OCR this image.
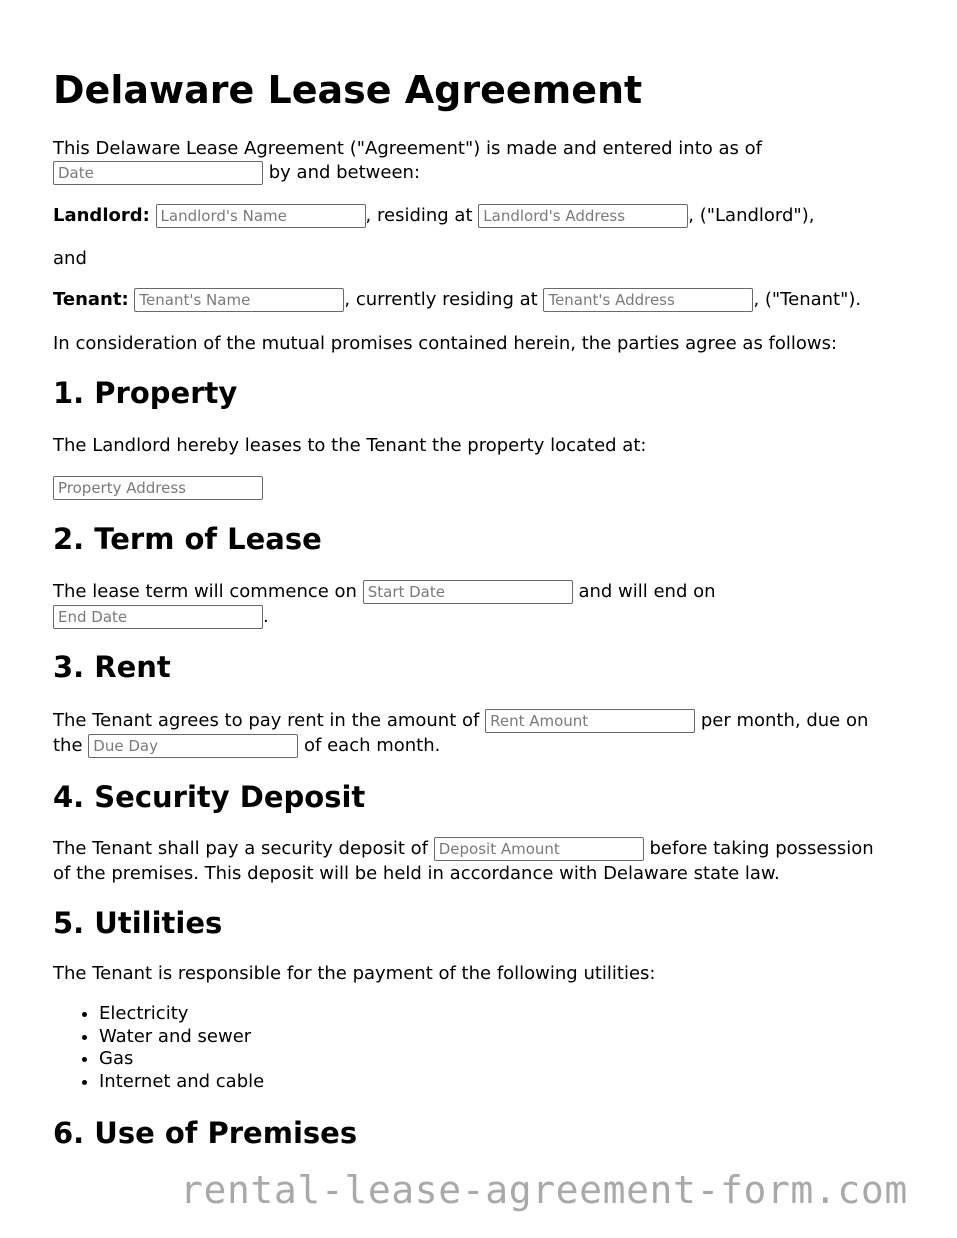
Delaware Lease Agreement

This Delaware Lease Agreement ("Agreement") is made and entered into as of
Date by and between:

Landlord: Landlord's Name	, residing at Landlord's Address	, ("Landlord"),

and

Tenant: Tenant's Name	, currently residing at Tenant's Address	, ("Tenant").

In consideration of the mutual promises contained herein, the parties agree as follows:

1. Property

The Landlord hereby leases to the Tenant the property located at:

Property Address

2. Term of Lease

The lease term will commence on Start Date	and will end on
End Date.

3. Rent

The Tenant agrees to pay rent in the amount of Rent Amount	per month, due on
the Due Day	of each month.

4. Security Deposit

The Tenant shall pay a security deposit of Deposit Amount	before taking possession
of the premises. This deposit will be held in accordance with Delaware state law.

5. Utilities

The Tenant is responsible for the payment of the following utilities:

• Electricity
• Water and sewer
• Gas
• Internet and cable
6. Use of Premises
rental-lease-agreement-form.com
